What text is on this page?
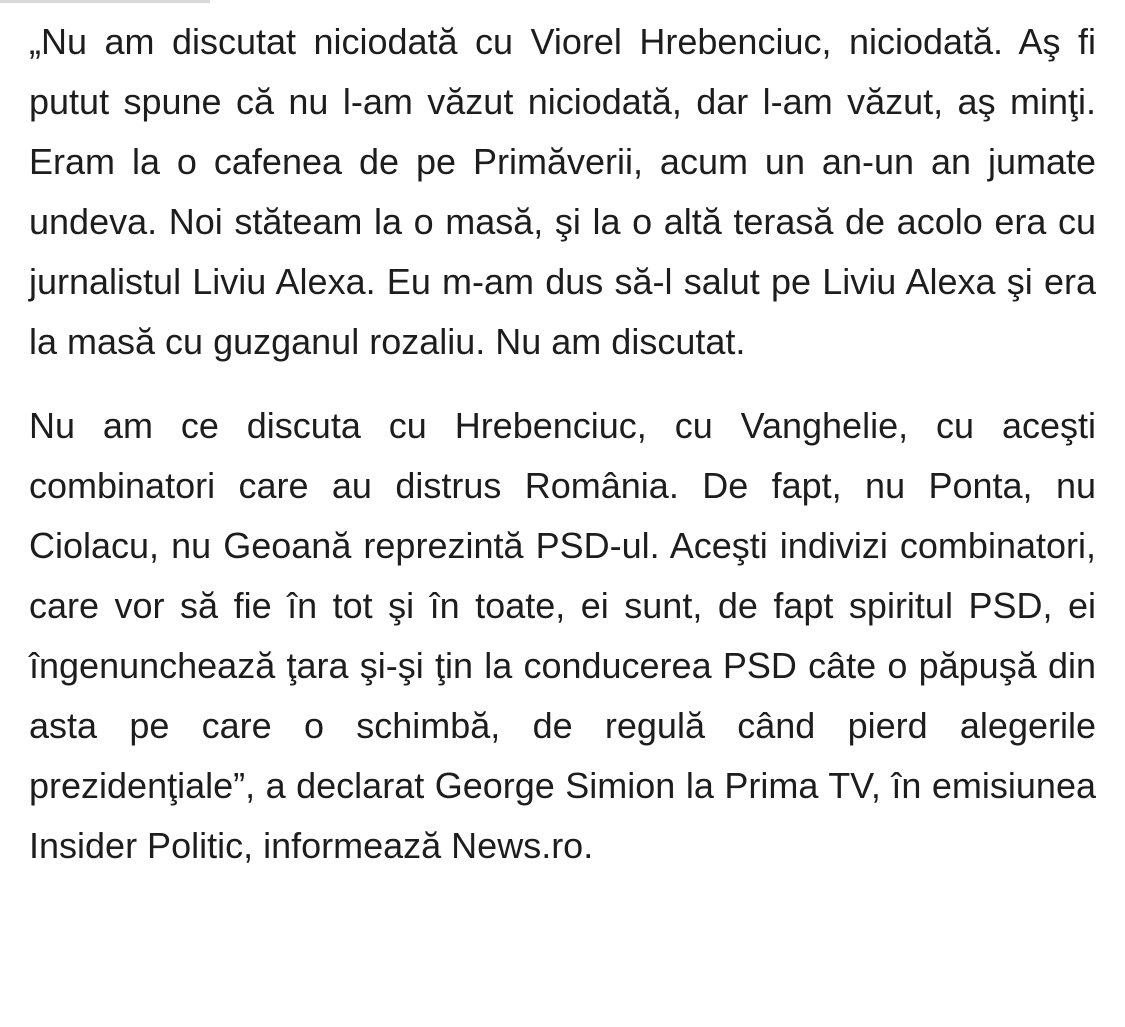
„Nu am discutat niciodată cu Viorel Hrebenciuc, niciodată. Aş fi putut spune că nu l-am văzut niciodată, dar l-am văzut, aş minţi. Eram la o cafenea de pe Primăverii, acum un an-un an jumate undeva. Noi stăteam la o masă, şi la o altă terasă de acolo era cu jurnalistul Liviu Alexa. Eu m-am dus să-l salut pe Liviu Alexa şi era la masă cu guzganul rozaliu. Nu am discutat.

Nu am ce discuta cu Hrebenciuc, cu Vanghelie, cu aceşti combinatori care au distrus România. De fapt, nu Ponta, nu Ciolacu, nu Geoană reprezintă PSD-ul. Aceşti indivizi combinatori, care vor să fie în tot şi în toate, ei sunt, de fapt spiritul PSD, ei îngenunchează ţara şi-şi ţin la conducerea PSD câte o păpuşă din asta pe care o schimbă, de regulă când pierd alegerile prezidenţiale”, a declarat George Simion la Prima TV, în emisiunea Insider Politic, informează News.ro.
